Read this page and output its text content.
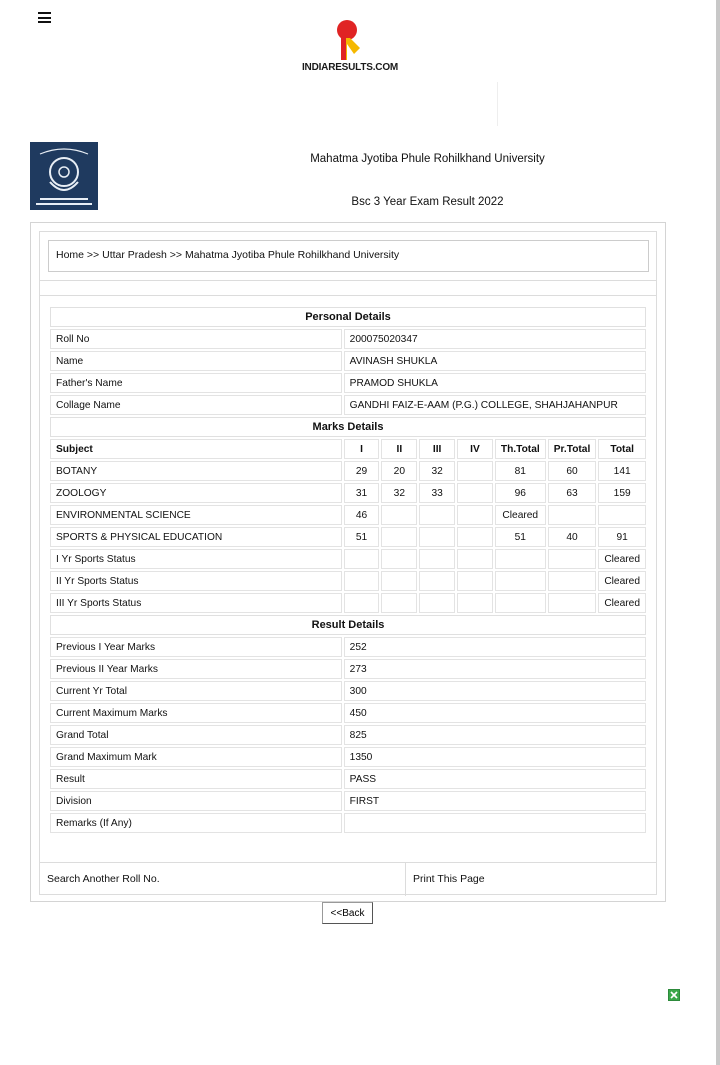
INDIARESULTS.COM
Mahatma Jyotiba Phule Rohilkhand University
Bsc 3 Year Exam Result 2022
Home >> Uttar Pradesh >> Mahatma Jyotiba Phule Rohilkhand University
Personal Details							
Roll No	200075020347						
Name	AVINASH SHUKLA						
Father's Name	PRAMOD SHUKLA						
Collage Name	GANDHI FAIZ-E-AAM (P.G.) COLLEGE, SHAHJAHANPUR						
Marks Details							
Subject	I	II	III	IV	Th.Total	Pr.Total	Total
BOTANY	29	20	32		81	60	141
ZOOLOGY	31	32	33		96	63	159
ENVIRONMENTAL SCIENCE	46				Cleared		
SPORTS & PHYSICAL EDUCATION	51				51	40	91
I Yr Sports Status							Cleared
II Yr Sports Status							Cleared
III Yr Sports Status							Cleared
Result Details							
Previous I Year Marks	252						
Previous II Year Marks	273						
Current Yr Total	300						
Current Maximum Marks	450						
Grand Total	825						
Grand Maximum Mark	1350						
Result	PASS						
Division	FIRST						
Remarks (If Any)							
Search Another Roll No.	Print This Page
<<Back
